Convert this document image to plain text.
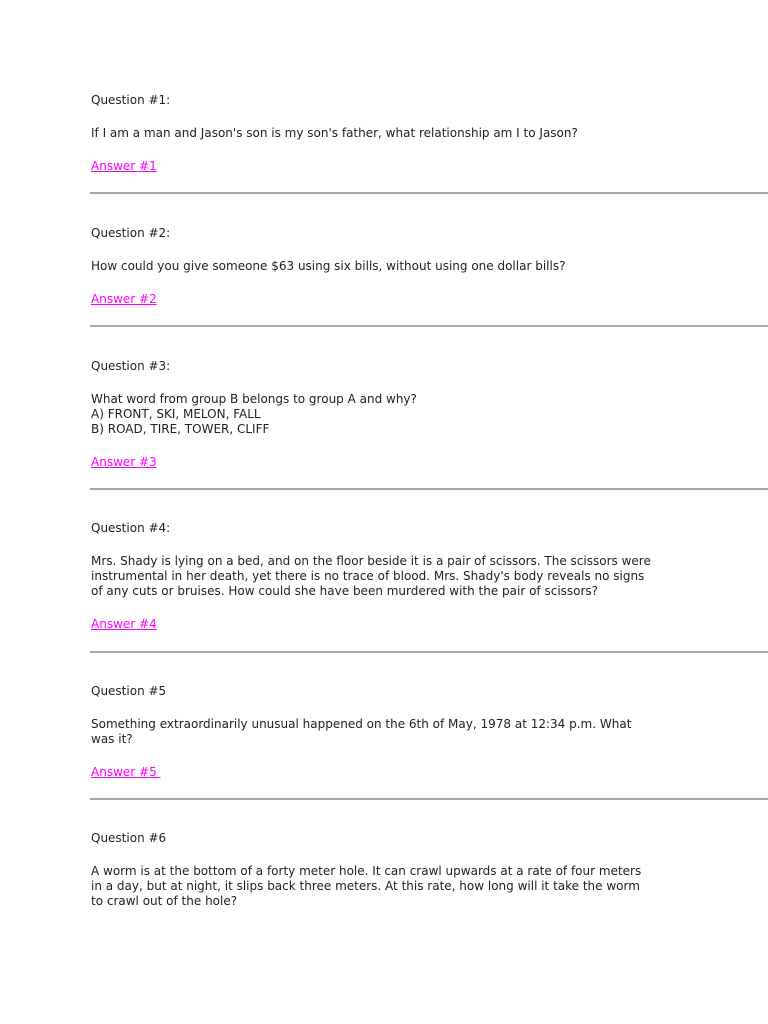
Question #1:

If I am a man and Jason's son is my son's father, what relationship am I to Jason?

Answer #1

Question #2:

How could you give someone $63 using six bills, without using one dollar bills?

Answer #2

Question #3:

What word from group B belongs to group A and why?

A) FRONT, SKI, MELON, FALL

B) ROAD, TIRE, TOWER, CLIFF

Answer #3

Question #4:

Mrs. Shady is lying on a bed, and on the floor beside it is a pair of scissors. The scissors were

instrumental in her death, yet there is no trace of blood. Mrs. Shady's body reveals no signs

of any cuts or bruises. How could she have been murdered with the pair of scissors?

Answer #4

Question #5

Something extraordinarily unusual happened on the 6th of May, 1978 at 12:34 p.m. What

was it?

Answer #5

Question #6

A worm is at the bottom of a forty meter hole. It can crawl upwards at a rate of four meters

in a day, but at night, it slips back three meters. At this rate, how long will it take the worm

to crawl out of the hole?
